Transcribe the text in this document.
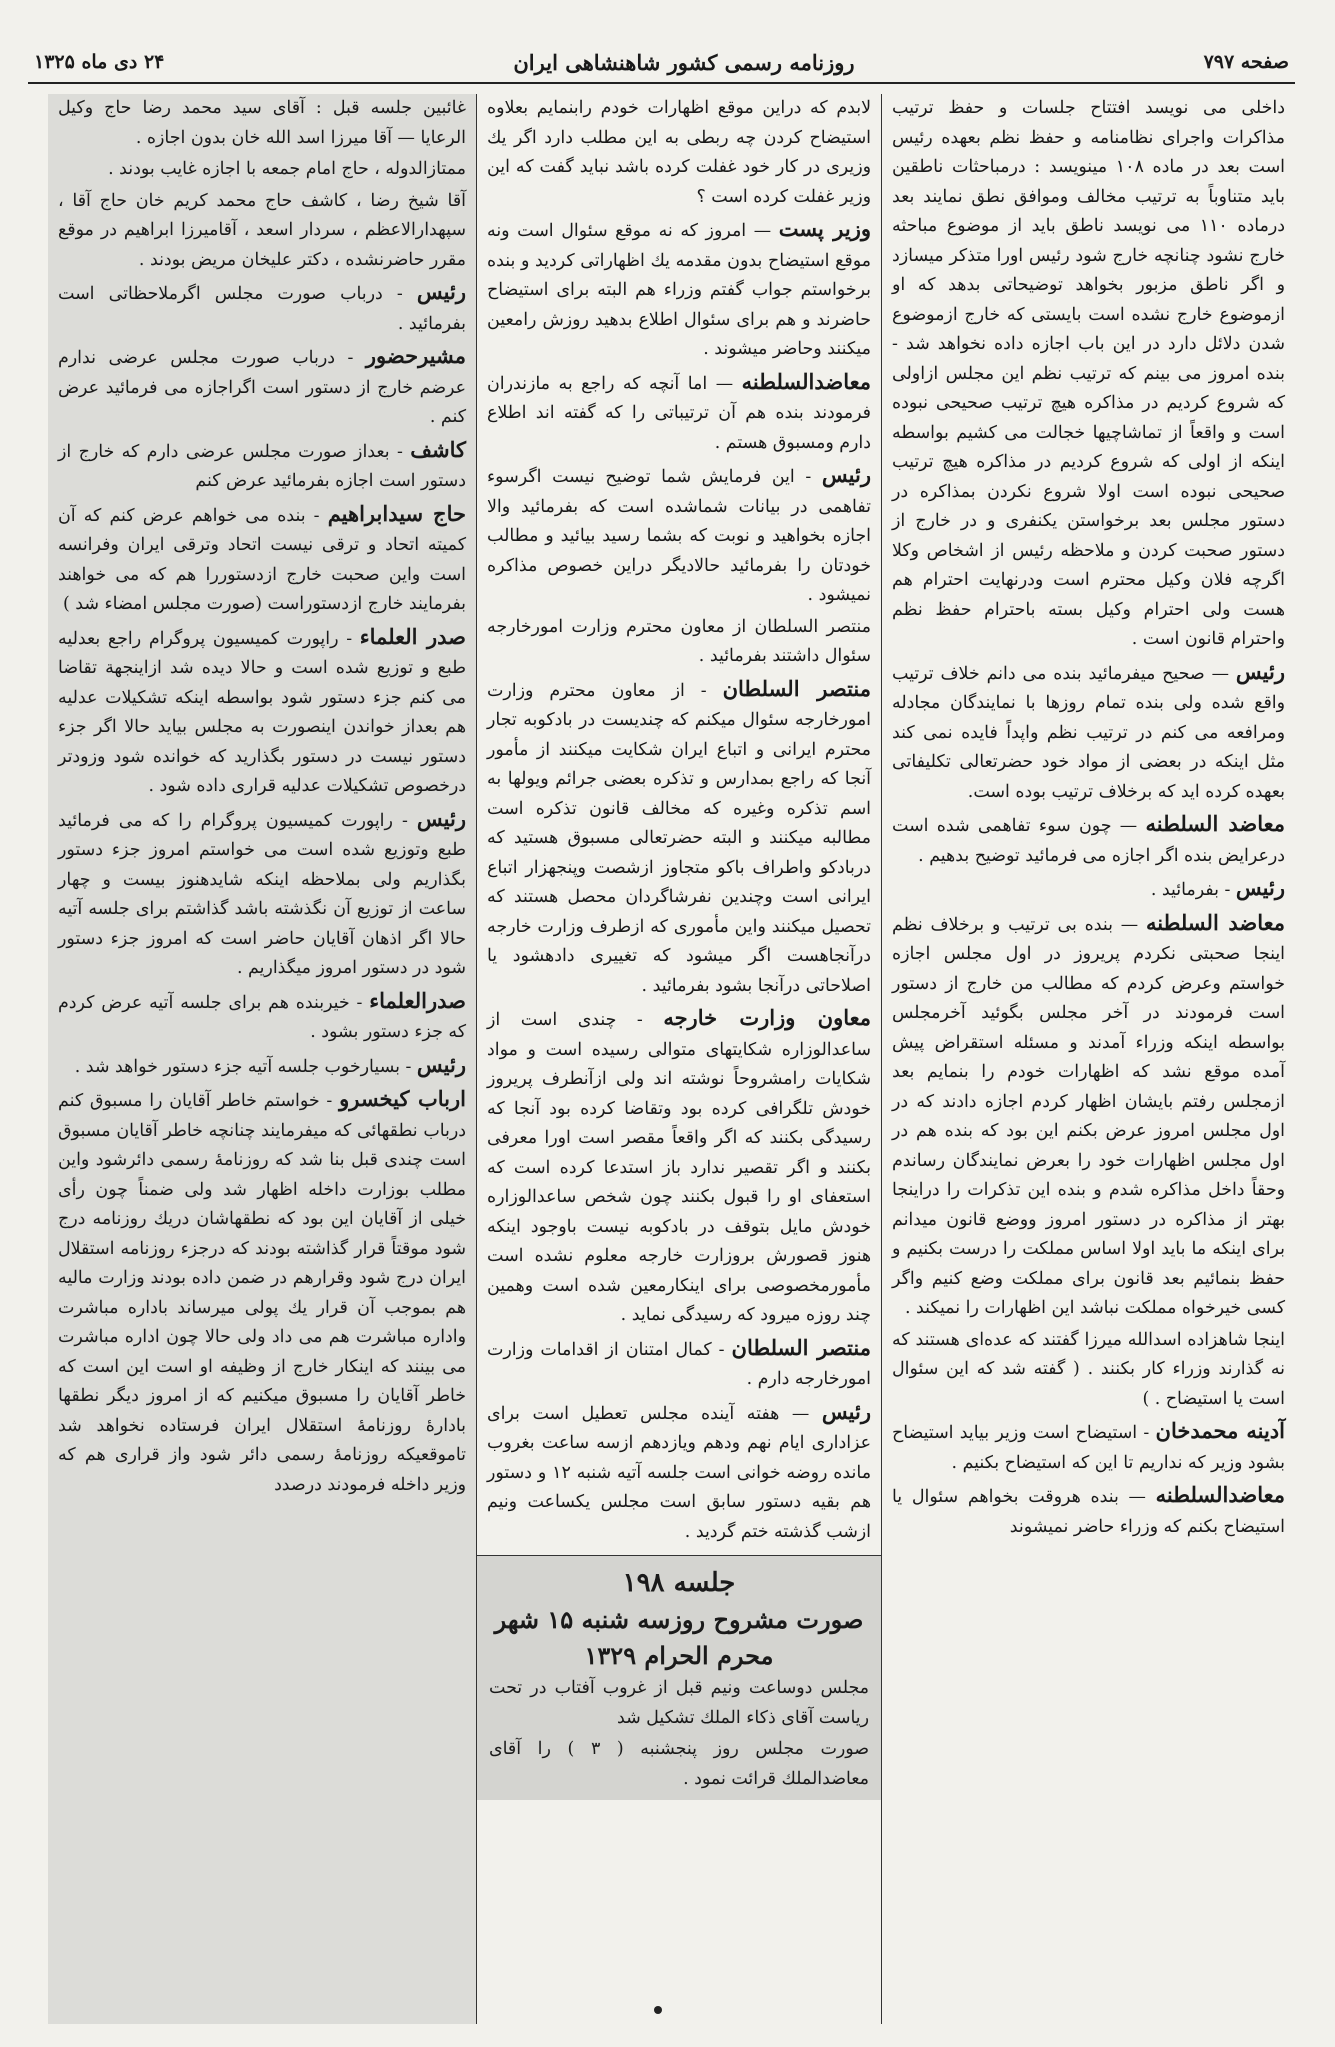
صفحه ۷۹۷
روزنامه رسمی کشور شاهنشاهی ایران
۲۴ دی ماه ۱۳۲۵

داخلی می نویسد افتتاح جلسات و حفظ ترتیب مذاکرات واجرای نظامنامه و حفظ نظم بعهده رئیس است بعد در ماده ۱۰۸ مینویسد : درمباحثات ناطقین باید متناوباً به ترتیب مخالف وموافق نطق نمایند بعد درماده ۱۱۰ می نویسد ناطق باید از موضوع مباحثه خارج نشود چنانچه خارج شود رئیس اورا متذکر میسازد و اگر ناطق مزبور بخواهد توضیحاتی بدهد که او ازموضوع خارج نشده است بایستی که خارج ازموضوع شدن دلائل دارد در این باب اجازه داده نخواهد شد - بنده امروز می بینم که ترتیب نظم این مجلس ازاولی که شروع کردیم در مذاکره هیچ ترتیب صحیحی نبوده است و واقعاً از تماشاچیها خجالت می کشیم بواسطه اینکه از اولی که شروع کردیم در مذاکره هیچ ترتیب صحیحی نبوده است اولا شروع نکردن بمذاکره در دستور مجلس بعد برخواستن یکنفری و در خارج از دستور صحبت کردن و ملاحظه رئیس از اشخاص وکلا اگرچه فلان وکیل محترم است ودرنهایت احترام هم هست ولی احترام وکیل بسته باحترام حفظ نظم واحترام قانون است .

رئیس — صحیح میفرمائید بنده می دانم خلاف ترتیب واقع شده ولی بنده تمام روزها با نمایندگان مجادله ومرافعه می کنم در ترتیب نظم واپداً فایده نمی کند مثل اینکه در بعضی از مواد خود حضرتعالی تکلیفاتی بعهده کرده اید که برخلاف ترتیب بوده است.

معاضد السلطنه — چون سوء تفاهمی شده است درعرایض بنده اگر اجازه می فرمائید توضیح بدهیم .

رئیس - بفرمائید .

معاضد السلطنه — بنده بی ترتیب و برخلاف نظم اینجا صحبتی نکردم پریروز در اول مجلس اجازه خواستم وعرض کردم که مطالب من خارج از دستور است فرمودند در آخر مجلس بگوئید آخرمجلس بواسطه اینکه وزراء آمدند و مسئله استقراض پیش آمده موقع نشد که اظهارات خودم را بنمایم بعد ازمجلس رفتم بایشان اظهار کردم اجازه دادند که در اول مجلس امروز عرض بکنم این بود که بنده هم در اول مجلس اظهارات خود را بعرض نمایندگان رساندم وحقاً داخل مذاکره شدم و بنده این تذکرات را دراینجا بهتر از مذاکره در دستور امروز ووضع قانون میدانم برای اینکه ما باید اولا اساس مملکت را درست بکنیم و حفظ بنمائیم بعد قانون برای مملکت وضع کنیم واگر کسی خیرخواه مملکت نباشد این اظهارات را نمیکند .

اینجا شاهزاده اسدالله میرزا گفتند که عده‌ای هستند که نه گذارند وزراء کار بکنند . ( گفته شد که این سئوال است یا استیضاح . )

آدینه محمدخان - استیضاح است وزیر بیاید استیضاح بشود وزیر که نداریم تا این که استیضاح بکنیم .

معاضدالسلطنه — بنده هروقت بخواهم سئوال یا استیضاح بکنم که وزراء حاضر نمیشوند

لابدم که دراین موقع اظهارات خودم رابنمایم بعلاوه استیضاح کردن چه ربطی به این مطلب دارد اگر یك وزیری در کار خود غفلت کرده باشد نباید گفت که این وزیر غفلت کرده است ؟

وزیر پست — امروز که نه موقع سئوال است ونه موقع استیضاح بدون مقدمه یك اظهاراتی کردید و بنده برخواستم جواب گفتم وزراء هم البته برای استیضاح حاضرند و هم برای سئوال اطلاع بدهید روزش رامعین میکنند وحاضر میشوند .

معاضدالسلطنه — اما آنچه که راجع به مازندران فرمودند بنده هم آن ترتیباتی را که گفته اند اطلاع دارم ومسبوق هستم .

رئیس - این فرمایش شما توضیح نیست اگرسوء تفاهمی در بیانات شماشده است که بفرمائید والا اجازه بخواهید و نوبت که بشما رسید بیائید و مطالب خودتان را بفرمائید حالادیگر دراین خصوص مذاکره نمیشود .

منتصر السلطان از معاون محترم وزارت امورخارجه سئوال داشتند بفرمائید .

منتصر السلطان - از معاون محترم وزارت امورخارجه سئوال میکنم که چندیست در بادکوبه تجار محترم ایرانی و اتباع ایران شکایت میکنند از مأمور آنجا که راجع بمدارس و تذکره بعضی جرائم ویولها به اسم تذکره وغیره که مخالف قانون تذکره است مطالبه میکنند و البته حضرتعالی مسبوق هستید که دربادکو واطراف باکو متجاوز ازشصت وپنجهزار اتباع ایرانی است وچندین نفرشاگردان محصل هستند که تحصیل میکنند واین مأموری که ازطرف وزارت خارجه درآنجاهست اگر میشود که تغییری دادهشود یا اصلاحاتی درآنجا بشود بفرمائید .

معاون وزارت خارجه - چندی است از ساعدالوزاره شکایتهای متوالی رسیده است و مواد شکایات رامشروحاً نوشته اند ولی ازآنطرف پریروز خودش تلگرافی کرده بود وتقاضا کرده بود آنجا که رسیدگی بکنند که اگر واقعاً مقصر است اورا معرفی بکنند و اگر تقصیر ندارد باز استدعا کرده است که استعفای او را قبول بکنند چون شخص ساعدالوزاره خودش مایل بتوقف در بادکوبه نیست باوجود اینکه هنوز قصورش بروزارت خارجه معلوم نشده است مأمورمخصوصی برای اینکارمعین شده است وهمین چند روزه میرود که رسیدگی نماید .

منتصر السلطان - کمال امتنان از اقدامات وزارت امورخارجه دارم .

رئیس — هفته آینده مجلس تعطیل است برای عزاداری ایام نهم ودهم ویازدهم ازسه ساعت بغروب مانده روضه خوانی است جلسه آتیه شنبه ۱۲ و دستور هم بقیه دستور سابق است مجلس یکساعت ونیم ازشب گذشته ختم گردید .

جلسه ۱۹۸
صورت مشروح روزسه شنبه ۱۵ شهر
محرم الحرام ۱۳۲۹

مجلس دوساعت ونیم قبل از غروب آفتاب در تحت ریاست آقای ذکاء الملك تشکیل شد

صورت مجلس روز پنجشنبه ( ۳ ) را آقای معاضدالملك قرائت نمود .

غائبین جلسه قبل : آقای سید محمد رضا حاج وکیل الرعایا — آقا میرزا اسد الله خان بدون اجازه .

ممتازالدوله ، حاج امام جمعه با اجازه غایب بودند .

آقا شیخ رضا ، کاشف حاج محمد کریم خان حاج آقا ، سپهدارالاعظم ، سردار اسعد ، آقامیرزا ابراهیم در موقع مقرر حاضرنشده ، دکتر علیخان مریض بودند .

رئیس - درباب صورت مجلس اگرملاحظاتی است بفرمائید .

مشیرحضور - درباب صورت مجلس عرضی ندارم عرضم خارج از دستور است اگراجازه می فرمائید عرض کنم .

کاشف - بعداز صورت مجلس عرضی دارم که خارج از دستور است اجازه بفرمائید عرض کنم

حاج سیدابراهیم - بنده می خواهم عرض کنم که آن کمیته اتحاد و ترقی نیست اتحاد وترقی ایران وفرانسه است واین صحبت خارج ازدستوررا هم که می خواهند بفرمایند خارج ازدستوراست (صورت مجلس امضاء شد )

صدر العلماء - راپورت کمیسیون پروگرام راجع بعدلیه طبع و توزیع شده است و حالا دیده شد ازاینجهة تقاضا می کنم جزء دستور شود بواسطه اینکه تشکیلات عدلیه هم بعداز خواندن اینصورت به مجلس بیاید حالا اگر جزء دستور نیست در دستور بگذارید که خوانده شود وزودتر درخصوص تشکیلات عدلیه قراری داده شود .

رئیس - راپورت کمیسیون پروگرام را که می فرمائید طبع وتوزیع شده است می خواستم امروز جزء دستور بگذاریم ولی بملاحظه اینکه شایدهنوز بیست و چهار ساعت از توزیع آن نگذشته باشد گذاشتم برای جلسه آتیه حالا اگر اذهان آقایان حاضر است که امروز جزء دستور شود در دستور امروز میگذاریم .

صدرالعلماء - خیربنده هم برای جلسه آتیه عرض کردم که جزء دستور بشود .

رئیس - بسیارخوب جلسه آتیه جزء دستور خواهد شد .

ارباب کیخسرو - خواستم خاطر آقایان را مسبوق کنم درباب نطقهائی که میفرمایند چنانچه خاطر آقایان مسبوق است چندی قبل بنا شد که روزنامهٔ رسمی دائرشود واین مطلب بوزارت داخله اظهار شد ولی ضمناً چون رأی خیلی از آقایان این بود که نطقهاشان دریك روزنامه درج شود موقتاً قرار گذاشته بودند که درجزء روزنامه استقلال ایران درج شود وقرارهم در ضمن داده بودند وزارت مالیه هم بموجب آن قرار یك پولی میرساند باداره مباشرت واداره مباشرت هم می داد ولی حالا چون اداره مباشرت می بینند که اینکار خارج از وظیفه او است این است که خاطر آقایان را مسبوق میکنیم که از امروز دیگر نطقها بادارهٔ روزنامهٔ استقلال ایران فرستاده نخواهد شد تاموقعیکه روزنامهٔ رسمی دائر شود واز قراری هم که وزیر داخله فرمودند درصدد
